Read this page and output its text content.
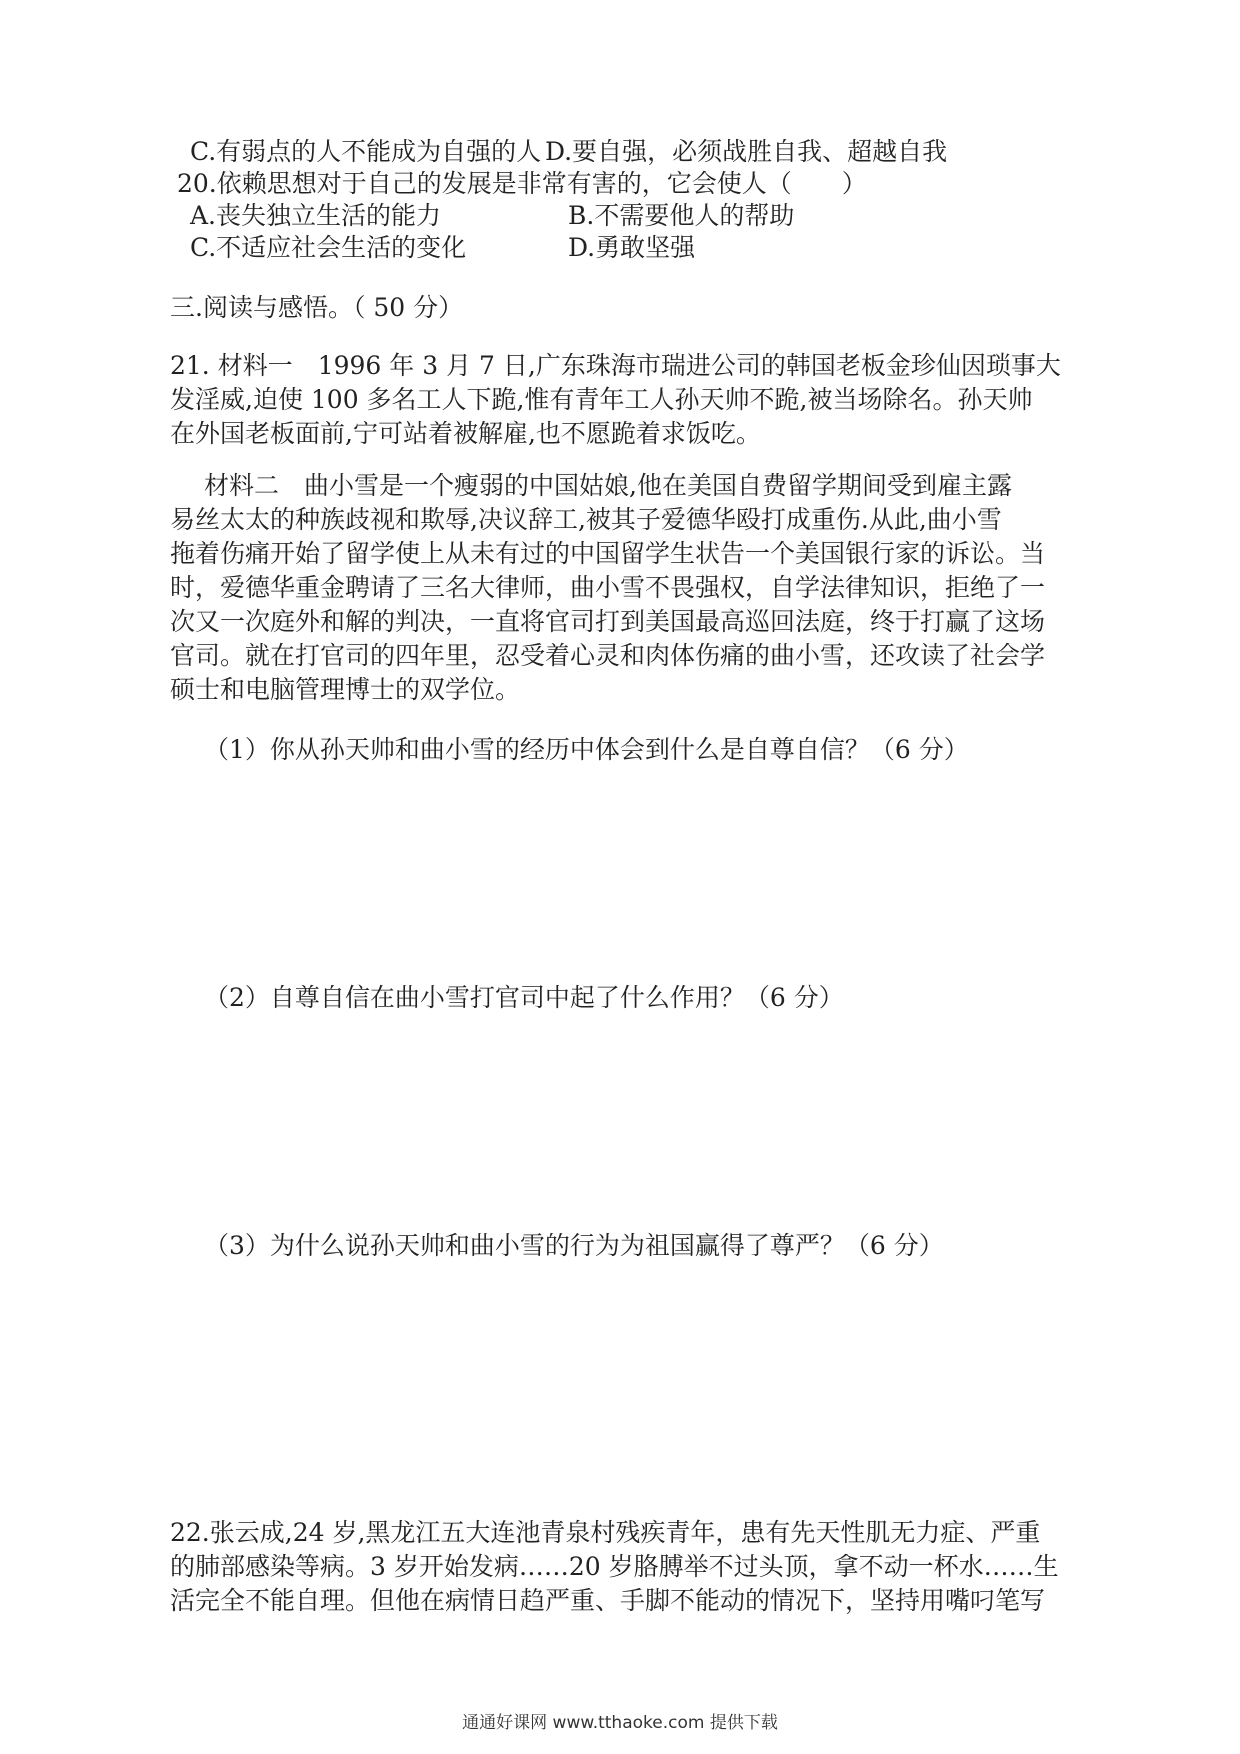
C.有弱点的人不能成为自强的人 D.要自强，必须战胜自我、超越自我
20.依赖思想对于自己的发展是非常有害的，它会使人（　　）
A.丧失独立生活的能力	B.不需要他人的帮助
C.不适应社会生活的变化	D.勇敢坚强
三.阅读与感悟。（ 50 分）
21. 材料一　1996 年 3 月 7 日,广东珠海市瑞进公司的韩国老板金珍仙因琐事大
发淫威,迫使 100 多名工人下跪,惟有青年工人孙天帅不跪,被当场除名。孙天帅
在外国老板面前,宁可站着被解雇,也不愿跪着求饭吃。
材料二　曲小雪是一个瘦弱的中国姑娘,他在美国自费留学期间受到雇主露
易丝太太的种族歧视和欺辱,决议辞工,被其子爱德华殴打成重伤.从此,曲小雪
拖着伤痛开始了留学使上从未有过的中国留学生状告一个美国银行家的诉讼。当
时，爱德华重金聘请了三名大律师，曲小雪不畏强权，自学法律知识，拒绝了一
次又一次庭外和解的判决，一直将官司打到美国最高巡回法庭，终于打赢了这场
官司。就在打官司的四年里，忍受着心灵和肉体伤痛的曲小雪，还攻读了社会学
硕士和电脑管理博士的双学位。
（1）你从孙天帅和曲小雪的经历中体会到什么是自尊自信？（6 分）
（2）自尊自信在曲小雪打官司中起了什么作用？（6 分）
（3）为什么说孙天帅和曲小雪的行为为祖国赢得了尊严？（6 分）
22.张云成,24 岁,黑龙江五大连池青泉村残疾青年，患有先天性肌无力症、严重
的肺部感染等病。3 岁开始发病……20 岁胳膊举不过头顶，拿不动一杯水……生
活完全不能自理。但他在病情日趋严重、手脚不能动的情况下，坚持用嘴叼笔写
通通好课网 www.tthaoke.com 提供下载
